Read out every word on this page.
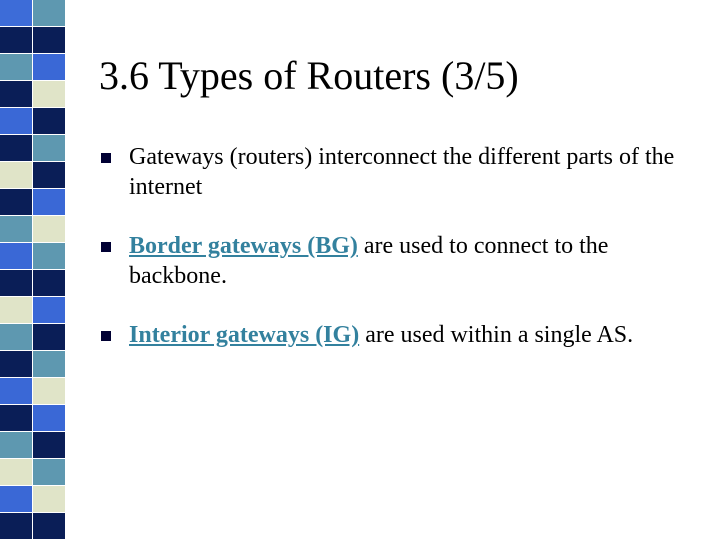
3.6 Types of Routers (3/5)
Gateways (routers) interconnect the different parts of the internet
Border gateways (BG) are used to connect to the backbone.
Interior gateways (IG) are used within a single AS.
